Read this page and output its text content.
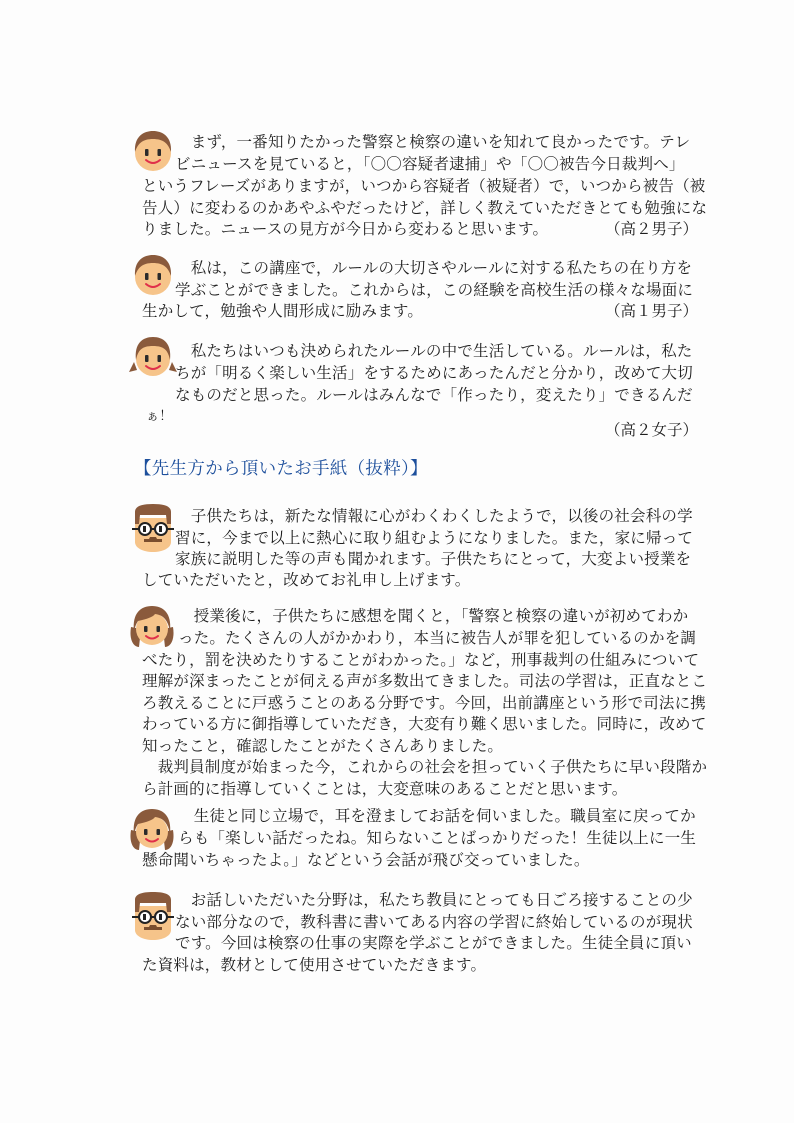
　まず，一番知りたかった警察と検察の違いを知れて良かったです。テレ
ビニュースを見ていると，「〇〇容疑者逮捕」や「〇〇被告今日裁判へ」
というフレーズがありますが，いつから容疑者（被疑者）で，いつから被告（被
告人）に変わるのかあやふやだったけど，詳しく教えていただきとても勉強にな
りました。ニュースの見方が今日から変わると思います。	（高２男子）
　私は，この講座で，ルールの大切さやルールに対する私たちの在り方を
学ぶことができました。これからは，この経験を高校生活の様々な場面に
生かして，勉強や人間形成に励みます。	（高１男子）
　私たちはいつも決められたルールの中で生活している。ルールは，私た
ちが「明るく楽しい生活」をするためにあったんだと分かり，改めて大切
なものだと思った。ルールはみんなで「作ったり，変えたり」できるんだ
ぁ！
（高２女子）
【先生方から頂いたお手紙（抜粋）】
　子供たちは，新たな情報に心がわくわくしたようで，以後の社会科の学
習に，今まで以上に熱心に取り組むようになりました。また，家に帰って
家族に説明した等の声も聞かれます。子供たちにとって，大変よい授業を
していただいたと，改めてお礼申し上げます。
　授業後に，子供たちに感想を聞くと，「警察と検察の違いが初めてわか
った。たくさんの人がかかわり，本当に被告人が罪を犯しているのかを調
べたり，罰を決めたりすることがわかった。」など，刑事裁判の仕組みについて
理解が深まったことが伺える声が多数出てきました。司法の学習は，正直なとこ
ろ教えることに戸惑うことのある分野です。今回，出前講座という形で司法に携
わっている方に御指導していただき，大変有り難く思いました。同時に，改めて
知ったこと，確認したことがたくさんありました。
　裁判員制度が始まった今，これからの社会を担っていく子供たちに早い段階か
ら計画的に指導していくことは，大変意味のあることだと思います。
　生徒と同じ立場で，耳を澄ましてお話を伺いました。職員室に戻ってか
らも「楽しい話だったね。知らないことばっかりだった！生徒以上に一生
懸命聞いちゃったよ。」などという会話が飛び交っていました。
　お話しいただいた分野は，私たち教員にとっても日ごろ接することの少
ない部分なので，教科書に書いてある内容の学習に終始しているのが現状
です。今回は検察の仕事の実際を学ぶことができました。生徒全員に頂い
た資料は，教材として使用させていただきます。
